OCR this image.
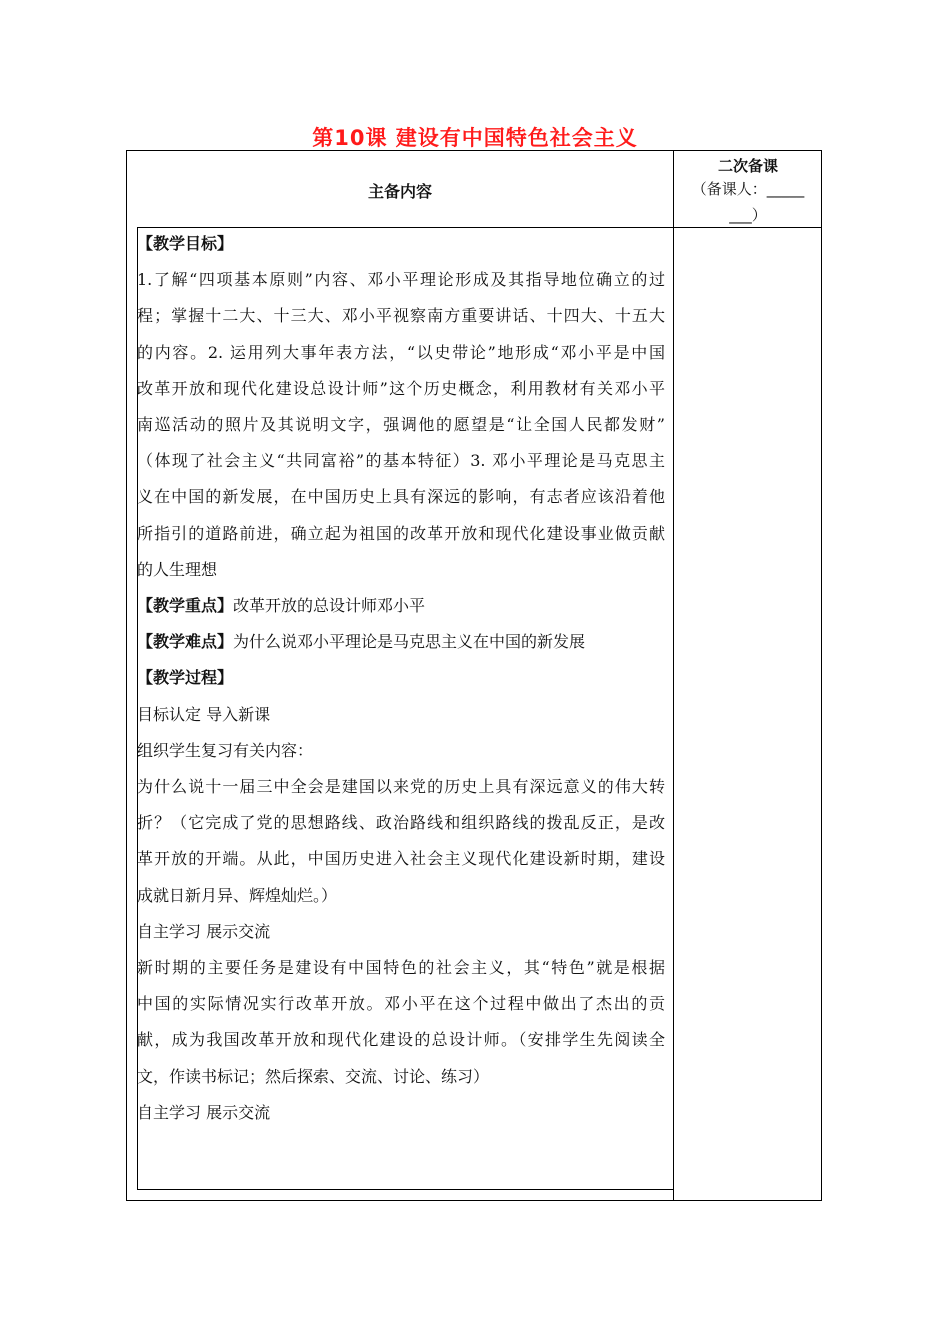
第10课 建设有中国特色社会主义
主备内容
二次备课
（备课人：_____
___）

【教学目标】

1.了解“四项基本原则”内容、邓小平理论形成及其指导地位确立的过

程；掌握十二大、十三大、邓小平视察南方重要讲话、十四大、十五大

的内容。2. 运用列大事年表方法，“以史带论”地形成“邓小平是中国

改革开放和现代化建设总设计师”这个历史概念，利用教材有关邓小平

南巡活动的照片及其说明文字，强调他的愿望是“让全国人民都发财”

（体现了社会主义“共同富裕”的基本特征）3. 邓小平理论是马克思主

义在中国的新发展，在中国历史上具有深远的影响，有志者应该沿着他

所指引的道路前进，确立起为祖国的改革开放和现代化建设事业做贡献

的人生理想

【教学重点】改革开放的总设计师邓小平

【教学难点】为什么说邓小平理论是马克思主义在中国的新发展

【教学过程】

目标认定 导入新课

组织学生复习有关内容：

为什么说十一届三中全会是建国以来党的历史上具有深远意义的伟大转

折？（它完成了党的思想路线、政治路线和组织路线的拨乱反正，是改

革开放的开端。从此，中国历史进入社会主义现代化建设新时期，建设

成就日新月异、辉煌灿烂。）

自主学习 展示交流

新时期的主要任务是建设有中国特色的社会主义，其“特色”就是根据

中国的实际情况实行改革开放。邓小平在这个过程中做出了杰出的贡

献，成为我国改革开放和现代化建设的总设计师。（安排学生先阅读全

文，作读书标记；然后探索、交流、讨论、练习）

自主学习 展示交流
